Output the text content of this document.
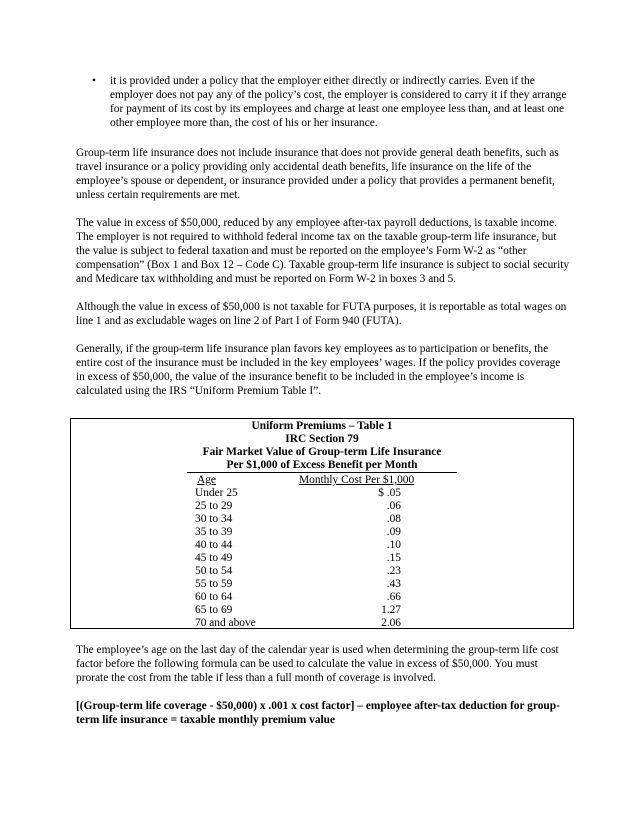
• it is provided under a policy that the employer either directly or indirectly carries. Even if the employer does not pay any of the policy’s cost, the employer is considered to carry it if they arrange for payment of its cost by its employees and charge at least one employee less than, and at least one other employee more than, the cost of his or her insurance.

Group-term life insurance does not include insurance that does not provide general death benefits, such as travel insurance or a policy providing only accidental death benefits, life insurance on the life of the employee’s spouse or dependent, or insurance provided under a policy that provides a permanent benefit, unless certain requirements are met.

The value in excess of $50,000, reduced by any employee after-tax payroll deductions, is taxable income. The employer is not required to withhold federal income tax on the taxable group-term life insurance, but the value is subject to federal taxation and must be reported on the employee’s Form W-2 as “other compensation” (Box 1 and Box 12 – Code C). Taxable group-term life insurance is subject to social security and Medicare tax withholding and must be reported on Form W-2 in boxes 3 and 5.

Although the value in excess of $50,000 is not taxable for FUTA purposes, it is reportable as total wages on line 1 and as excludable wages on line 2 of Part I of Form 940 (FUTA).

Generally, if the group-term life insurance plan favors key employees as to participation or benefits, the entire cost of the insurance must be included in the key employees’ wages. If the policy provides coverage in excess of $50,000, the value of the insurance benefit to be included in the employee’s income is calculated using the IRS “Uniform Premium Table I”.

Uniform Premiums – Table 1
IRC Section 79
Fair Market Value of Group-term Life Insurance
Per $1,000 of Excess Benefit per Month
Age	Monthly Cost Per $1,000
Under 25	$ .05
25 to 29	.06
30 to 34	.08
35 to 39	.09
40 to 44	.10
45 to 49	.15
50 to 54	.23
55 to 59	.43
60 to 64	.66
65 to 69	1.27
70 and above	2.06

The employee’s age on the last day of the calendar year is used when determining the group-term life cost factor before the following formula can be used to calculate the value in excess of $50,000. You must prorate the cost from the table if less than a full month of coverage is involved.

[(Group-term life coverage - $50,000) x .001 x cost factor] – employee after-tax deduction for group-term life insurance = taxable monthly premium value
